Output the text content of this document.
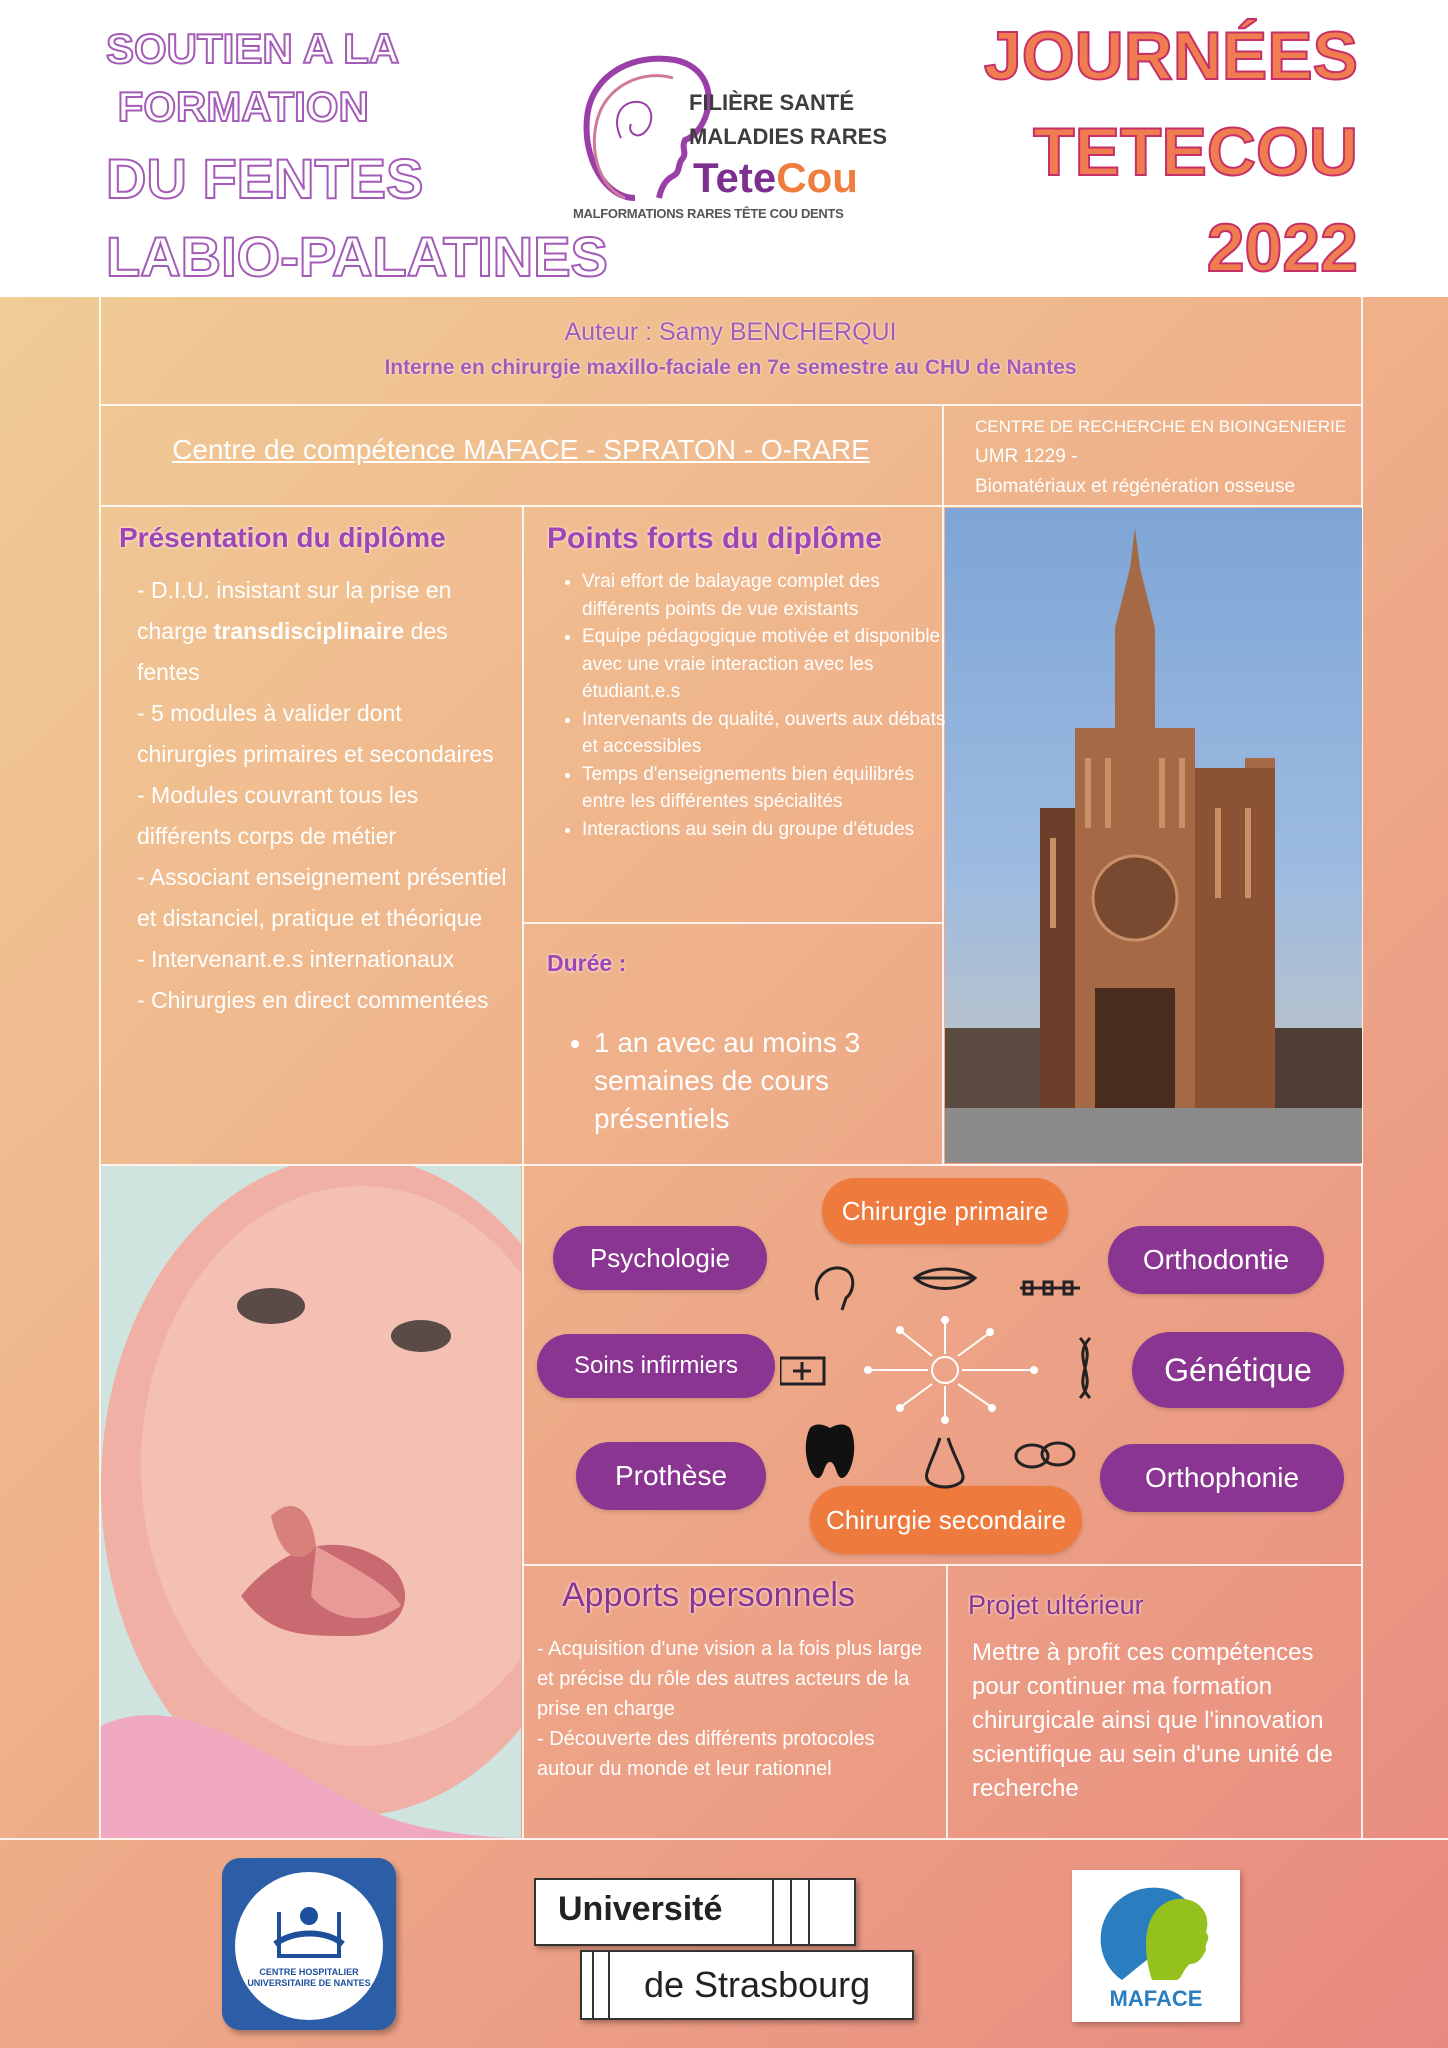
SOUTIEN A LA
FORMATION
DU FENTES
LABIO-PALATINES
FILIÈRE SANTÉ
MALADIES RARES
TeteCou
MALFORMATIONS RARES TÊTE COU DENTS
JOURNÉES
TETECOU
2022
Auteur : Samy BENCHERQUI
Interne en chirurgie maxillo-faciale en 7e semestre au CHU de Nantes
Centre de compétence MAFACE - SPRATON - O-RARE
CENTRE DE RECHERCHE EN BIOINGENIERIE
UMR 1229 -
Biomatériaux et régénération osseuse
Présentation du diplôme
- D.I.U. insistant sur la prise en charge transdisciplinaire des fentes
- 5 modules à valider dont chirurgies primaires et secondaires
- Modules couvrant tous les différents corps de métier
- Associant enseignement présentiel et distanciel, pratique et théorique
- Intervenant.e.s internationaux
- Chirurgies en direct commentées
Points forts du diplôme
• Vrai effort de balayage complet des différents points de vue existants
• Equipe pédagogique motivée et disponible, avec une vraie interaction avec les étudiant.e.s
• Intervenants de qualité, ouverts aux débats et accessibles
• Temps d'enseignements bien équilibrés entre les différentes spécialités
• Interactions au sein du groupe d'études
Durée :
• 1 an avec au moins 3 semaines de cours présentiels
Chirurgie primaire
Psychologie	Orthodontie
Soins infirmiers	Génétique
Prothèse	Orthophonie
Chirurgie secondaire
Apports personnels
- Acquisition d'une vision a la fois plus large et précise du rôle des autres acteurs de la prise en charge
- Découverte des différents protocoles autour du monde et leur rationnel
Projet ultérieur
Mettre à profit ces compétences pour continuer ma formation chirurgicale ainsi que l'innovation scientifique au sein d'une unité de recherche
CENTRE HOSPITALIER
UNIVERSITAIRE DE NANTES
Université
de Strasbourg	MAFACE
